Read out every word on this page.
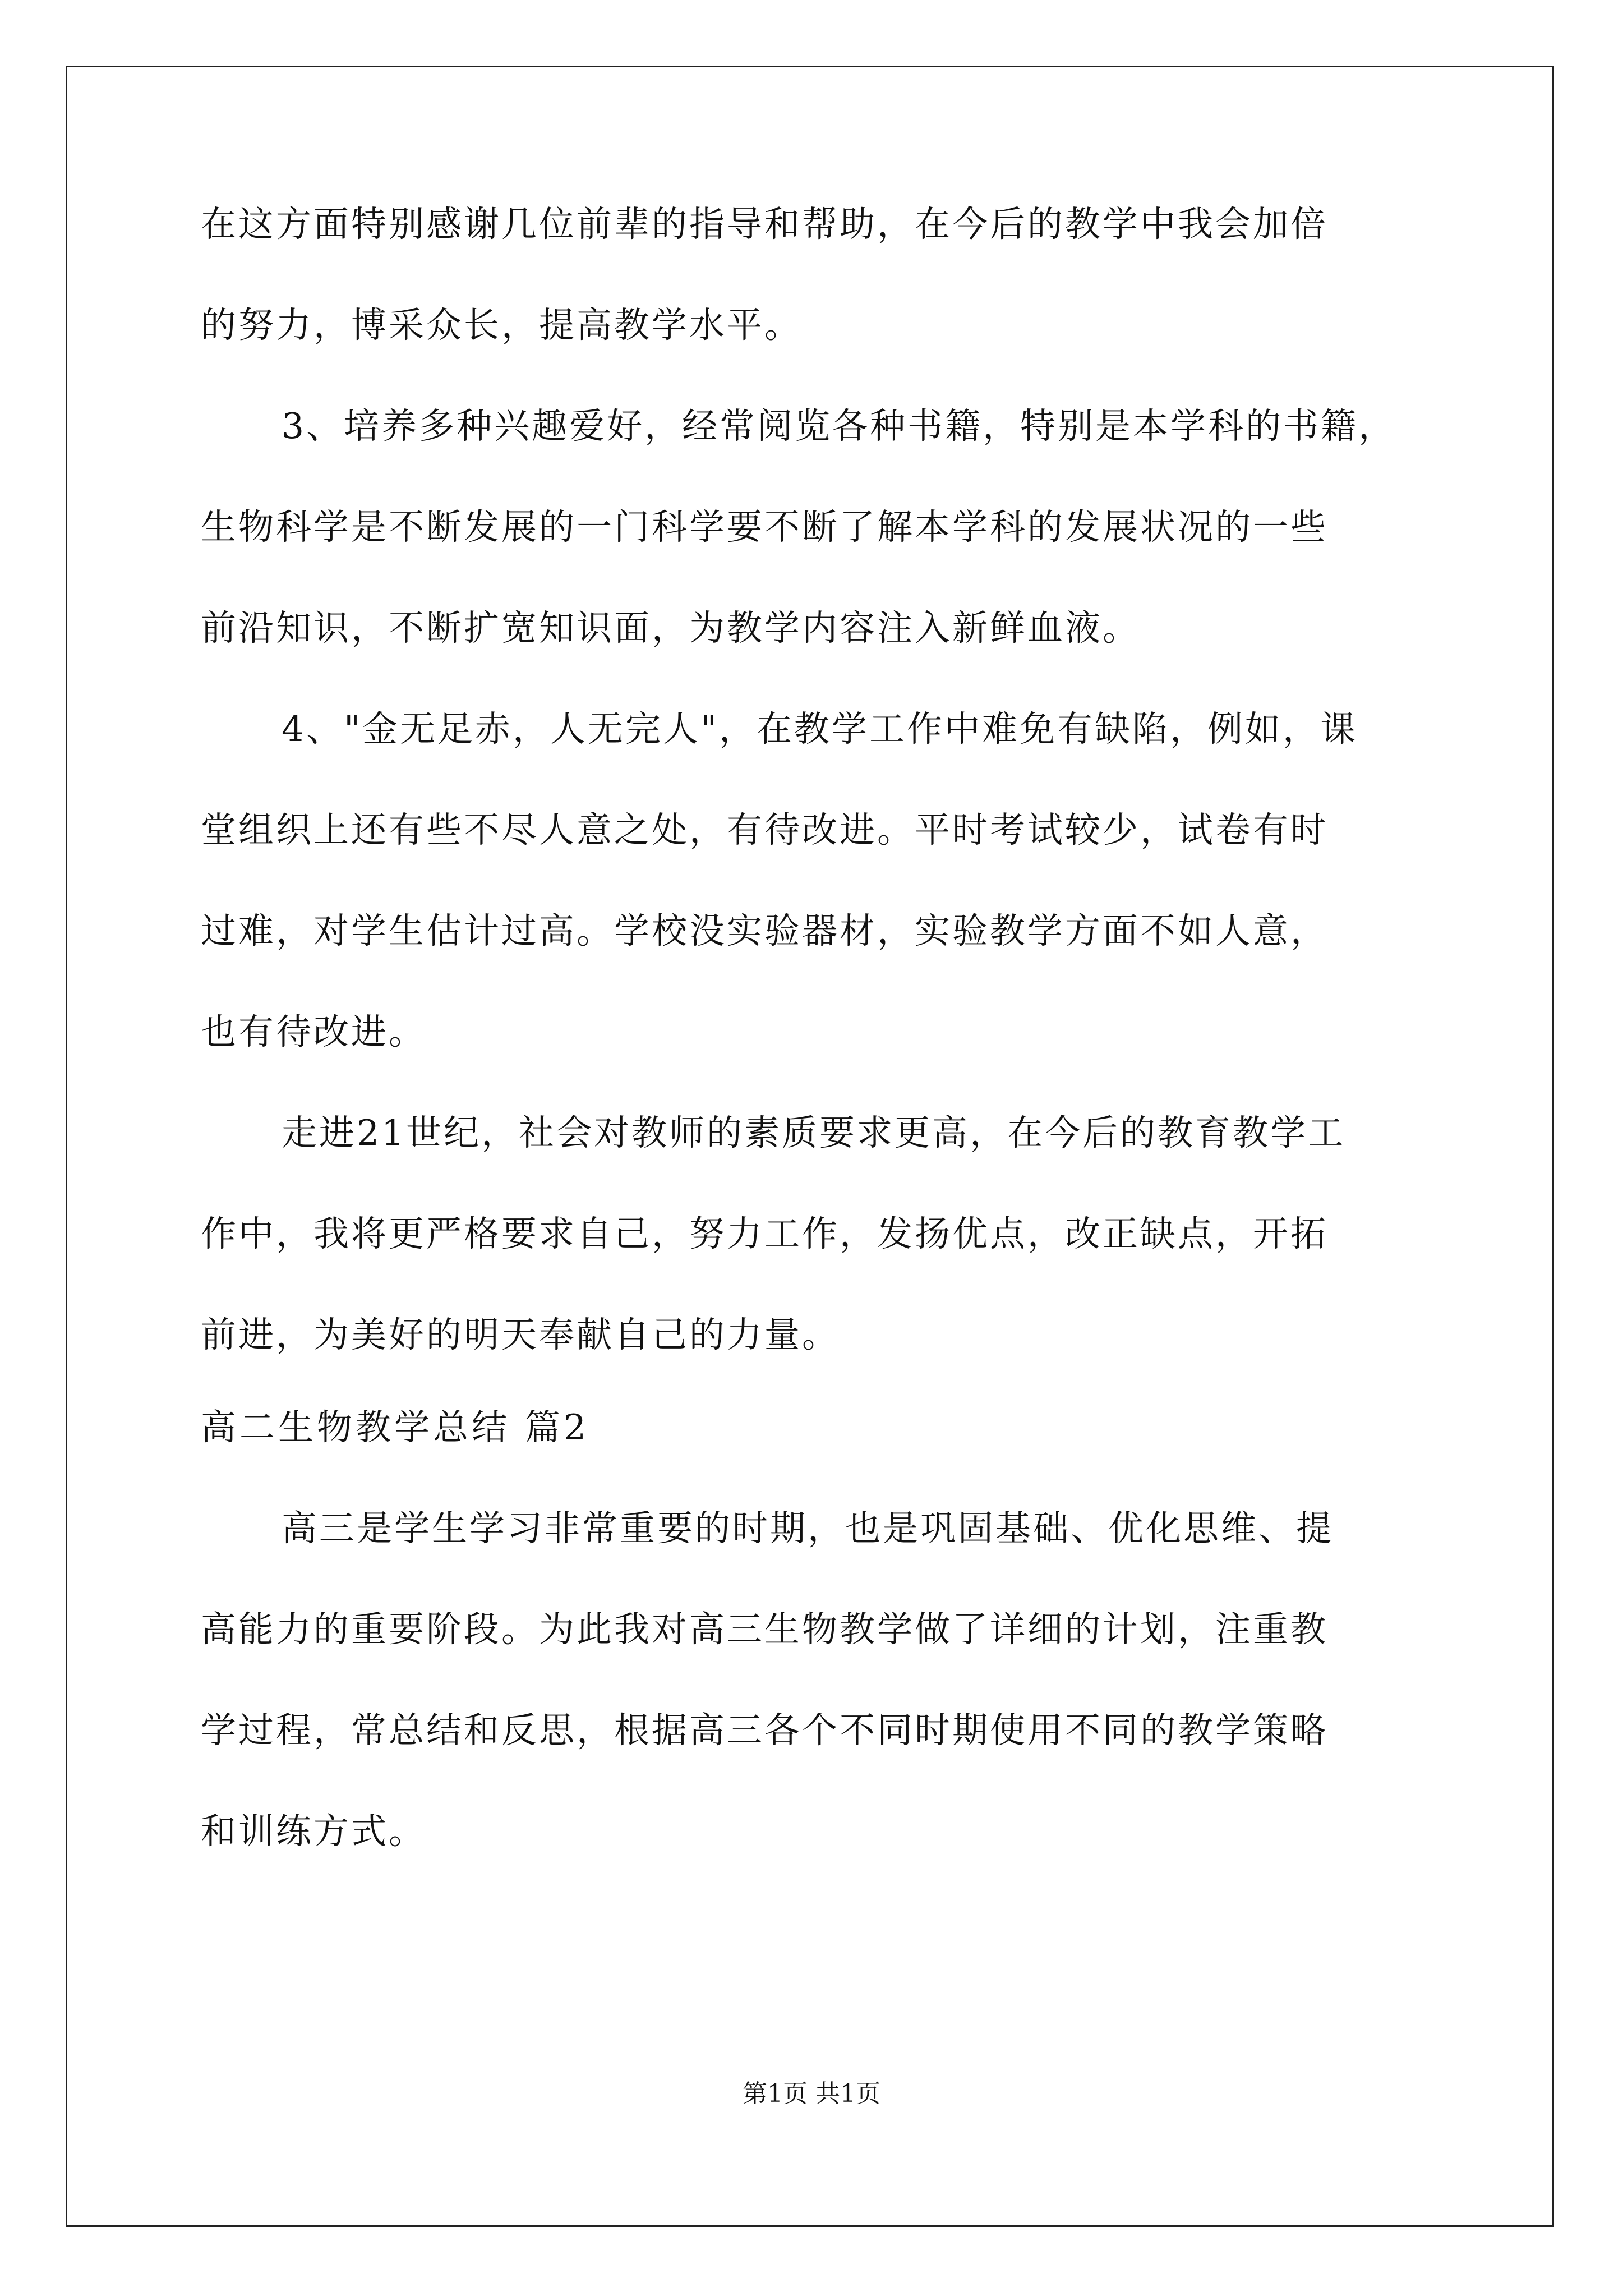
在这方面特别感谢几位前辈的指导和帮助，在今后的教学中我会加倍
的努力，博采众长，提高教学水平。
3、培养多种兴趣爱好，经常阅览各种书籍，特别是本学科的书籍，
生物科学是不断发展的一门科学要不断了解本学科的发展状况的一些
前沿知识，不断扩宽知识面，为教学内容注入新鲜血液。
4、"金无足赤，人无完人"，在教学工作中难免有缺陷，例如，课
堂组织上还有些不尽人意之处，有待改进。平时考试较少，试卷有时
过难，对学生估计过高。学校没实验器材，实验教学方面不如人意，
也有待改进。
走进21世纪，社会对教师的素质要求更高，在今后的教育教学工
作中，我将更严格要求自己，努力工作，发扬优点，改正缺点，开拓
前进，为美好的明天奉献自己的力量。
高二生物教学总结 篇2
高三是学生学习非常重要的时期，也是巩固基础、优化思维、提
高能力的重要阶段。为此我对高三生物教学做了详细的计划，注重教
学过程，常总结和反思，根据高三各个不同时期使用不同的教学策略
和训练方式。
第1页 共1页
